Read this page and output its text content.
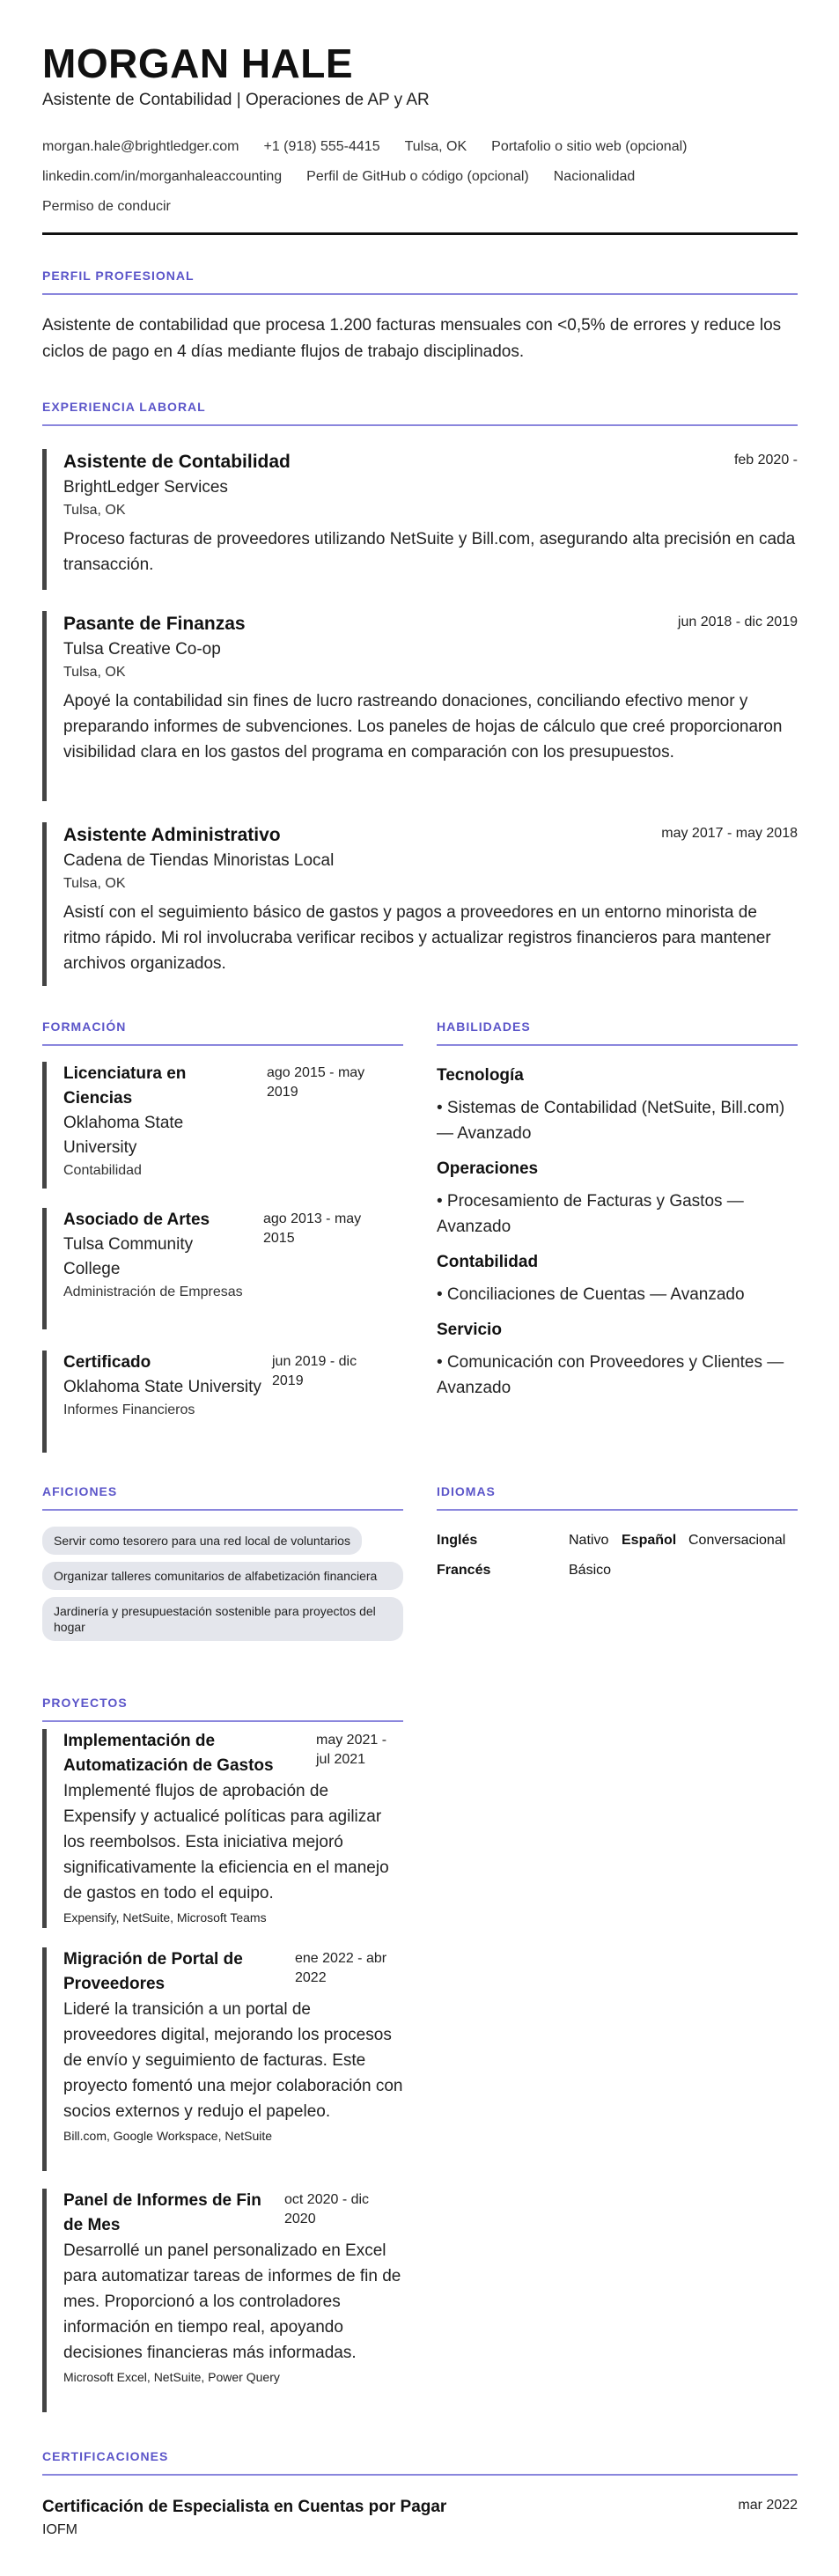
MORGAN HALE
Asistente de Contabilidad | Operaciones de AP y AR
morgan.hale@brightledger.com +1 (918) 555-4415 Tulsa, OK Portafolio o sitio web (opcional)
linkedin.com/in/morganhaleaccounting Perfil de GitHub o código (opcional) Nacionalidad
Permiso de conducir
PERFIL PROFESIONAL
Asistente de contabilidad que procesa 1.200 facturas mensuales con <0,5% de errores y reduce los ciclos de pago en 4 días mediante flujos de trabajo disciplinados.
EXPERIENCIA LABORAL
Asistente de Contabilidad	feb 2020 -
BrightLedger Services
Tulsa, OK
Proceso facturas de proveedores utilizando NetSuite y Bill.com, asegurando alta precisión en cada transacción.
Pasante de Finanzas	jun 2018 - dic 2019
Tulsa Creative Co-op
Tulsa, OK
Apoyé la contabilidad sin fines de lucro rastreando donaciones, conciliando efectivo menor y preparando informes de subvenciones. Los paneles de hojas de cálculo que creé proporcionaron visibilidad clara en los gastos del programa en comparación con los presupuestos.
Asistente Administrativo	may 2017 - may 2018
Cadena de Tiendas Minoristas Local
Tulsa, OK
Asistí con el seguimiento básico de gastos y pagos a proveedores en un entorno minorista de ritmo rápido. Mi rol involucraba verificar recibos y actualizar registros financieros para mantener archivos organizados.
FORMACIÓN
Licenciatura en Ciencias
Oklahoma State University
Contabilidad
ago 2015 - may 2019
Asociado de Artes
Tulsa Community College
Administración de Empresas
ago 2013 - may 2015
Certificado
Oklahoma State University
Informes Financieros
jun 2019 - dic 2019
HABILIDADES
Tecnología
• Sistemas de Contabilidad (NetSuite, Bill.com) — Avanzado
Operaciones
• Procesamiento de Facturas y Gastos — Avanzado
Contabilidad
• Conciliaciones de Cuentas — Avanzado
Servicio
• Comunicación con Proveedores y Clientes — Avanzado
AFICIONES
Servir como tesorero para una red local de voluntarios
Organizar talleres comunitarios de alfabetización financiera
Jardinería y presupuestación sostenible para proyectos del hogar
IDIOMAS
Inglés	Nativo Español Conversacional
Francés	Básico
PROYECTOS
Implementación de Automatización de Gastos
may 2021 - jul 2021
Implementé flujos de aprobación de Expensify y actualicé políticas para agilizar los reembolsos. Esta iniciativa mejoró significativamente la eficiencia en el manejo de gastos en todo el equipo.
Expensify, NetSuite, Microsoft Teams
Migración de Portal de Proveedores
ene 2022 - abr 2022
Lideré la transición a un portal de proveedores digital, mejorando los procesos de envío y seguimiento de facturas. Este proyecto fomentó una mejor colaboración con socios externos y redujo el papeleo.
Bill.com, Google Workspace, NetSuite
Panel de Informes de Fin de Mes
oct 2020 - dic 2020
Desarrollé un panel personalizado en Excel para automatizar tareas de informes de fin de mes. Proporcionó a los controladores información en tiempo real, apoyando decisiones financieras más informadas.
Microsoft Excel, NetSuite, Power Query
CERTIFICACIONES
Certificación de Especialista en Cuentas por Pagar	mar 2022
IOFM
